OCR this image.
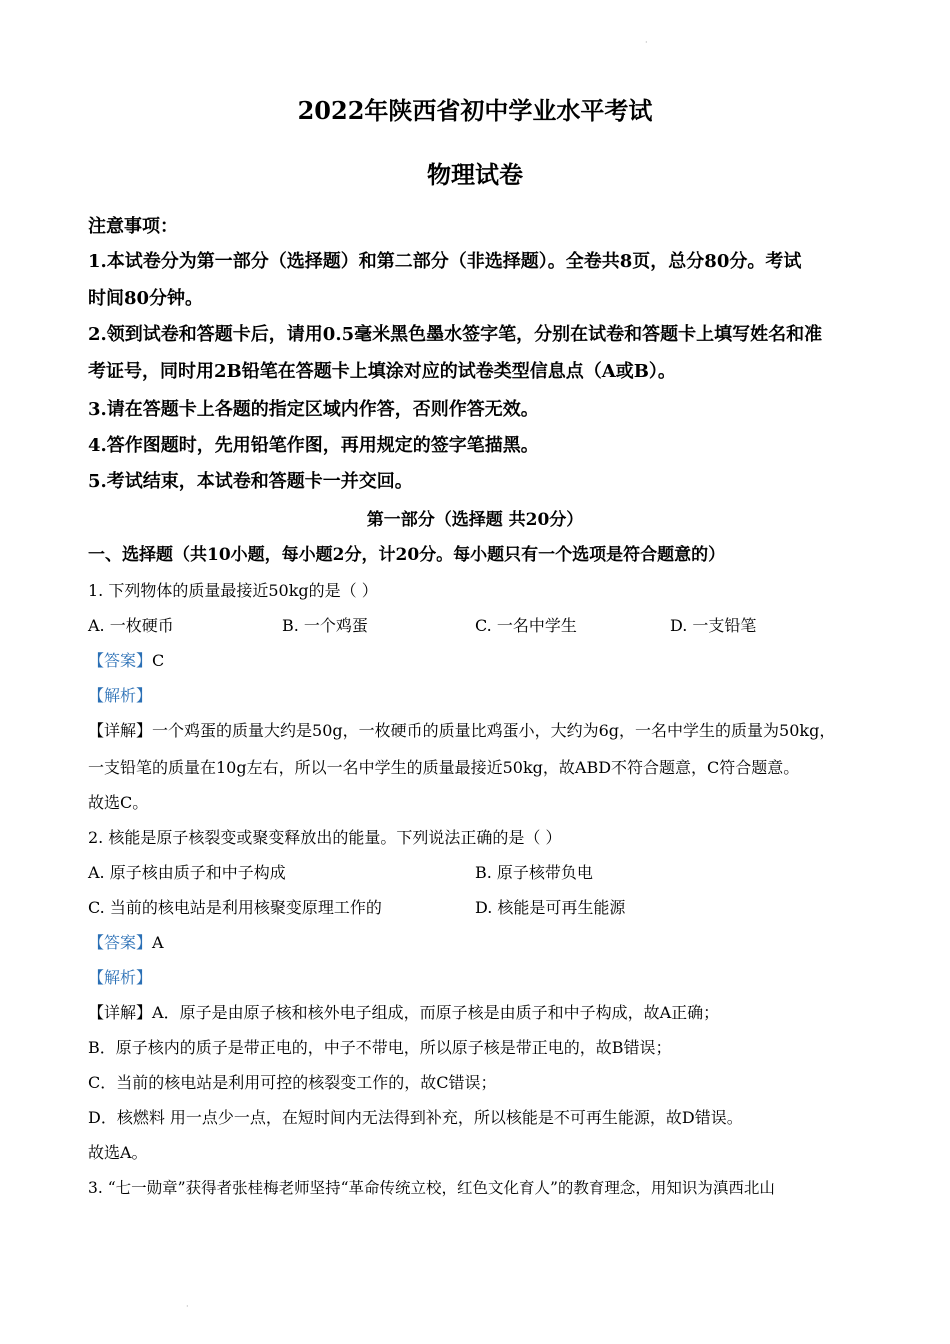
·
2022年陕西省初中学业水平考试
物理试卷
注意事项：
1.本试卷分为第一部分（选择题）和第二部分（非选择题）。全卷共8页，总分80分。考试
时间80分钟。
2.领到试卷和答题卡后，请用0.5毫米黑色墨水签字笔，分别在试卷和答题卡上填写姓名和准
考证号，同时用2B铅笔在答题卡上填涂对应的试卷类型信息点（A或B）。
3.请在答题卡上各题的指定区域内作答，否则作答无效。
4.答作图题时，先用铅笔作图，再用规定的签字笔描黑。
5.考试结束，本试卷和答题卡一并交回。
第一部分（选择题 共20分）
一、选择题（共10小题，每小题2分，计20分。每小题只有一个选项是符合题意的）
1. 下列物体的质量最接近50kg的是（ ）
A. 一枚硬币	B. 一个鸡蛋	C. 一名中学生	D. 一支铅笔
【答案】C
【解析】
【详解】一个鸡蛋的质量大约是50g，一枚硬币的质量比鸡蛋小，大约为6g，一名中学生的质量为50kg，
一支铅笔的质量在10g左右，所以一名中学生的质量最接近50kg，故ABD不符合题意，C符合题意。
故选C。
2. 核能是原子核裂变或聚变释放出的能量。下列说法正确的是（ ）
A. 原子核由质子和中子构成	B. 原子核带负电
C. 当前的核电站是利用核聚变原理工作的	D. 核能是可再生能源
【答案】A
【解析】
【详解】A．原子是由原子核和核外电子组成，而原子核是由质子和中子构成，故A正确；
B．原子核内的质子是带正电的，中子不带电，所以原子核是带正电的，故B错误；
C．当前的核电站是利用可控的核裂变工作的，故C错误；
D．核燃料 用一点少一点，在短时间内无法得到补充，所以核能是不可再生能源，故D错误。
故选A。
3. “七一勋章”获得者张桂梅老师坚持“革命传统立校，红色文化育人”的教育理念，用知识为滇西北山
·
